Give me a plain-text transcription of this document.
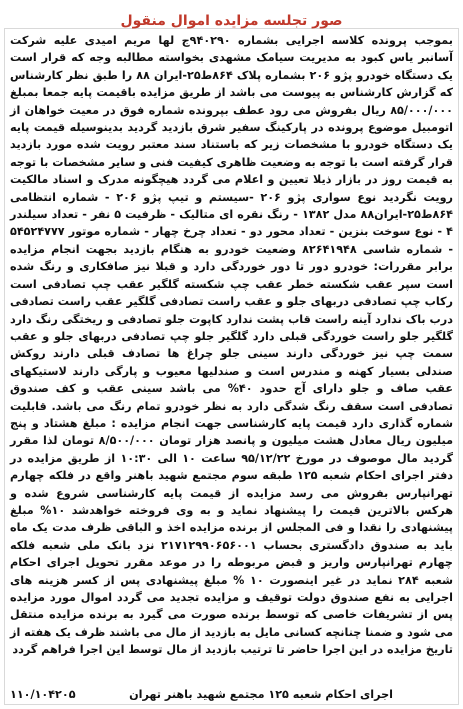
صور تجلسه مزایده اموال منقول
بموجب پرونده کلاسه اجرایی بشماره ۹۴۰۲۹۰ج لها مریم امیدی علیه شرکت آسانبر یاس کبود به مدیریت سیامک مشهدی بخواسته مطالبه وجه که قرار است یک دستگاه خودرو پژو ۲۰۶ بشماره پلاک ۸۶۴ط۲۵-ایران ۸۸ را طبق نظر کارشناس که گزارش کارشناس به پیوست می باشد از طریق مزایده باقیمت پایه جمعا بمبلغ ۸۵/۰۰۰/۰۰۰ ریال بفروش می رود عطف بپرونده شماره فوق در معیت خواهان از اتومبیل موضوع پرونده در پارکینگ سفیر شرق بازدید گردید بدینوسیله قیمت پایه یک دستگاه خودرو با مشخصات زیر که باستناد سند معتبر رویت شده مورد بازدید قرار گرفته است با توجه به وضعیت ظاهری کیفیت فنی و سایر مشخصات با توجه به قیمت روز در بازار ذیلا تعیین و اعلام می گردد هیچگونه مدرک و اسناد مالکیت رویت نگردید نوع سواری پژو ۲۰۶ -سیستم و تیپ پژو ۲۰۶ - شماره انتظامی ۸۶۴ط۲۵-ایران۸۸ مدل ۱۳۸۲ - رنگ نقره ای متالیک - ظرفیت ۵ نفر - تعداد سیلندر ۴ - نوع سوخت بنزین - تعداد محور دو - تعداد چرخ چهار - شماره موتور ۵۴۵۲۴۷۷۷ - شماره شاسی ۸۲۶۴۱۹۴۸ وضعیت خودرو به هنگام بازدید بجهت انجام مزایده برابر مقررات: خودرو دور تا دور خوردگی دارد و قبلا نیز صافکاری و رنگ شده است سپر عقب شکسته خطر عقب چپ شکسته گلگیر عقب چپ تصادفی است رکاب چپ تصادفی دربهای جلو و عقب راست تصادفی گلگیر عقب راست تصادفی درب باک ندارد آینه راست قاب پشت ندارد کاپوت جلو تصادفی و ریختگی رنگ دارد گلگیر جلو راست خوردگی قبلی دارد گلگیر جلو چپ تصادفی دربهای جلو و عقب سمت چپ نیز خوردگی دارند سینی جلو چراغ ها تصادف قبلی دارند روکش صندلی بسیار کهنه و مندرس است و صندلیها معیوب و پارگی دارند لاستیکهای عقب صاف و جلو دارای آج حدود ۴۰% می باشد سینی عقب و کف صندوق تصادفی است سقف رنگ شدگی دارد به نظر خودرو تمام رنگ می باشد. قابلیت شماره گذاری دارد قیمت پایه کارشناسی جهت انجام مزایده : مبلغ هشتاد و پنج میلیون ریال معادل هشت میلیون و پانصد هزار تومان ۸/۵۰۰/۰۰۰ تومان لذا مقرر گردید مال موصوف در مورخ ۹۵/۱۲/۲۲ ساعت ۱۰ الی ۱۰:۳۰ از طریق مزایده در دفتر اجرای احکام شعبه ۱۲۵ طبقه سوم مجتمع شهید باهنر واقع در فلکه چهارم تهرانپارس بفروش می رسد مزایده از قیمت پایه کارشناسی شروع شده و هرکس بالاترین قیمت را پیشنهاد نماید و به وی فروخته خواهدشد ۱۰% مبلغ پیشنهادی را نقدا و فی المجلس از برنده مزایده اخذ و الباقی ظرف مدت یک ماه باید به صندوق دادگستری بحساب ۲۱۷۱۲۹۹۰۶۵۶۰۰۱ نزد بانک ملی شعبه فلکه چهارم تهرانپارس واریز و قبض مربوطه را در موعد مقرر تحویل اجرای احکام شعبه ۲۸۴ نماید در غیر اینصورت ۱۰ % مبلغ پیشنهادی پس از کسر هزینه های اجرایی به نفع صندوق دولت توقیف و مزایده تجدید می گردد اموال مورد مزایده پس از تشریفات خاصی که توسط برنده صورت می گیرد به برنده مزایده منتقل می شود و ضمنا چنانچه کسانی مایل به بازدید از مال می باشند ظرف یک هفته از تاریخ مزایده در این اجرا حاضر تا ترتیب بازدید از مال توسط این اجرا فراهم گردد
اجرای احکام شعبه ۱۲۵ مجتمع شهید باهنر تهران
۱۱۰/۱۰۴۲۰۵
